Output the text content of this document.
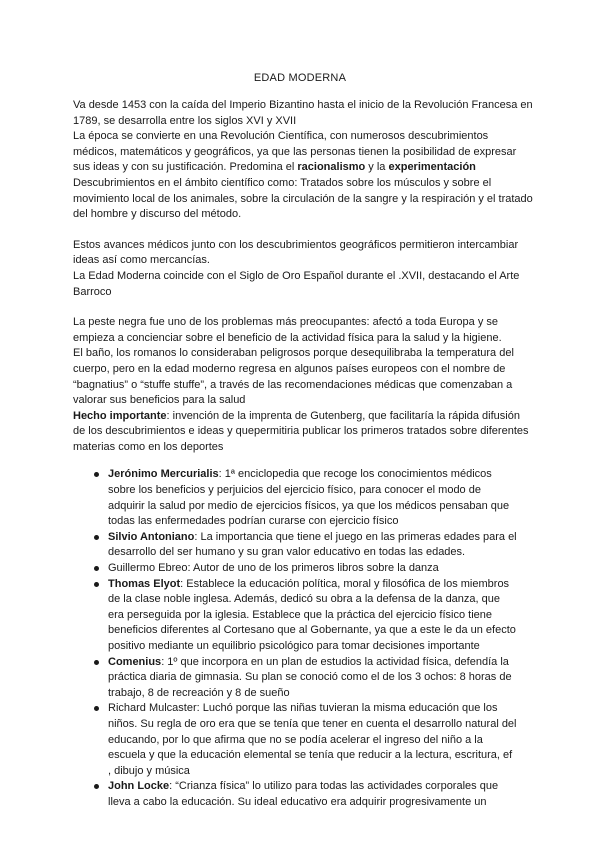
EDAD MODERNA

Va desde 1453 con la caída del Imperio Bizantino hasta el inicio de la Revolución Francesa en 1789, se desarrolla entre los siglos XVI y XVII

La época se convierte en una Revolución Científica, con numerosos descubrimientos médicos, matemáticos y geográficos, ya que las personas tienen la posibilidad de expresar sus ideas y con su justificación. Predomina el racionalismo y la experimentación

Descubrimientos en el ámbito científico como: Tratados sobre los músculos y sobre el movimiento local de los animales, sobre la circulación de la sangre y la respiración y el tratado del hombre y discurso del método.

Estos avances médicos junto con los descubrimientos geográficos permitieron intercambiar ideas así como mercancías.

La Edad Moderna coincide con el Siglo de Oro Español durante el .XVII, destacando el Arte Barroco

La peste negra fue uno de los problemas más preocupantes: afectó a toda Europa y se empieza a concienciar sobre el beneficio de la actividad física para la salud y la higiene.

El baño, los romanos lo consideraban peligrosos porque desequilibraba la temperatura del cuerpo, pero en la edad moderno regresa en algunos países europeos con el nombre de “bagnatius” o “stuffe stuffe”, a través de las recomendaciones médicas que comenzaban a valorar sus beneficios para la salud

Hecho importante: invención de la imprenta de Gutenberg, que facilitaría la rápida difusión de los descubrimientos e ideas y quepermitiria publicar los primeros tratados sobre diferentes materias como en los deportes

Jerónimo Mercurialis: 1ª enciclopedia que recoge los conocimientos médicos sobre los beneficios y perjuicios del ejercicio físico, para conocer el modo de adquirir la salud por medio de ejercicios físicos, ya que los médicos pensaban que todas las enfermedades podrían curarse con ejercicio físico
Silvio Antoniano: La importancia que tiene el juego en las primeras edades para el desarrollo del ser humano y su gran valor educativo en todas las edades.
Guillermo Ebreo: Autor de uno de los primeros libros sobre la danza
Thomas Elyot: Establece la educación política, moral y filosófica de los miembros de la clase noble inglesa. Además, dedicó su obra a la defensa de la danza, que era perseguida por la iglesia. Establece que la práctica del ejercicio físico tiene beneficios diferentes al Cortesano que al Gobernante, ya que a este le da un efecto positivo mediante un equilibrio psicológico para tomar decisiones importante
Comenius: 1º que incorpora en un plan de estudios la actividad física, defendía la práctica diaria de gimnasia. Su plan se conoció como el de los 3 ochos: 8 horas de trabajo, 8 de recreación y 8 de sueño
Richard Mulcaster: Luchó porque las niñas tuvieran la misma educación que los niños. Su regla de oro era que se tenía que tener en cuenta el desarrollo natural del educando, por lo que afirma que no se podía acelerar el ingreso del niño a la escuela y que la educación elemental se tenía que reducir a la lectura, escritura, ef , dibujo y música
John Locke: “Crianza física” lo utilizo para todas las actividades corporales que lleva a cabo la educación. Su ideal educativo era adquirir progresivamente un
